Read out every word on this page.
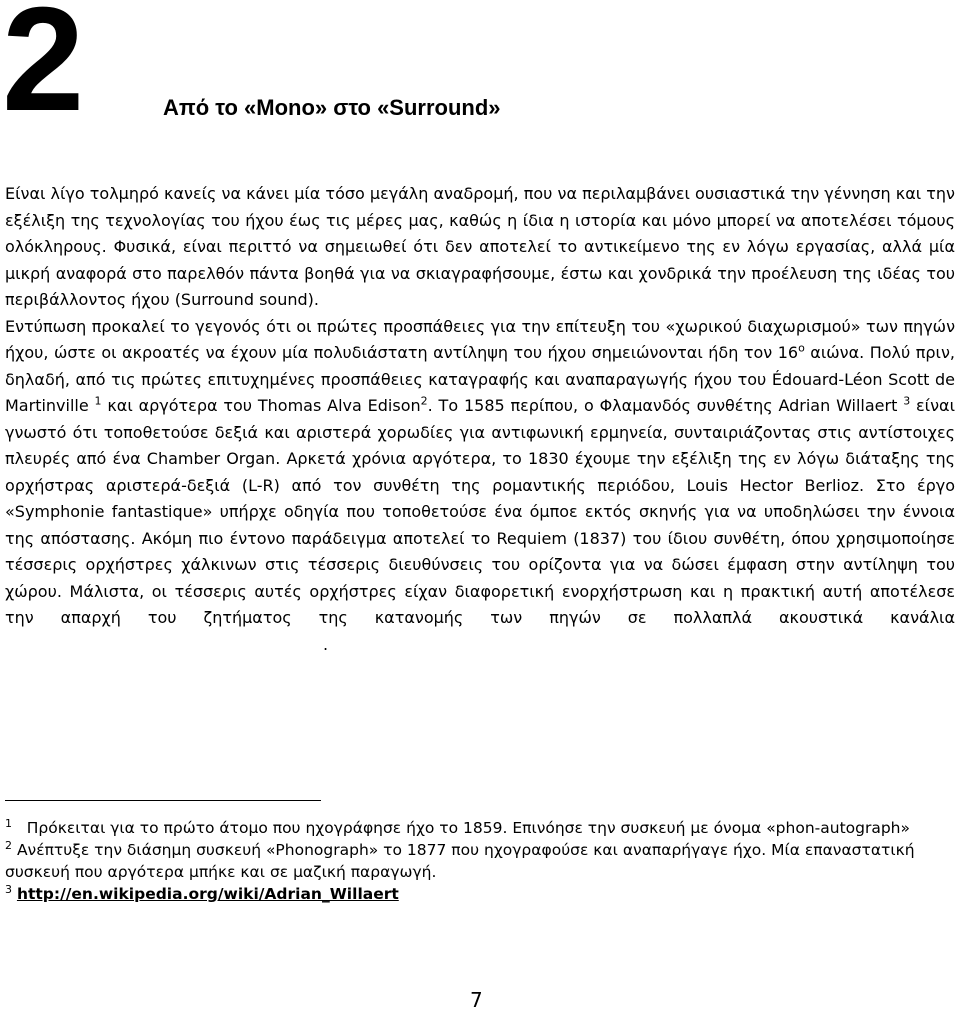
2	Από το «Mono» στο «Surround»

Είναι λίγο τολμηρό κανείς να κάνει μία τόσο μεγάλη αναδρομή, που να περιλαμβάνει ουσιαστικά την γέννηση και την εξέλιξη της τεχνολογίας του ήχου έως τις μέρες μας, καθώς η ίδια η ιστορία και μόνο μπορεί να αποτελέσει τόμους ολόκληρους. Φυσικά, είναι περιττό να σημειωθεί ότι δεν αποτελεί το αντικείμενο της εν λόγω εργασίας, αλλά μία μικρή αναφορά στο παρελθόν πάντα βοηθά για να σκιαγραφήσουμε, έστω και χονδρικά την προέλευση της ιδέας του περιβάλλοντος ήχου (Surround sound).

Εντύπωση προκαλεί το γεγονός ότι οι πρώτες προσπάθειες για την επίτευξη του «χωρικού διαχωρισμού» των πηγών ήχου, ώστε οι ακροατές να έχουν μία πολυδιάστατη αντίληψη του ήχου σημειώνονται ήδη τον $16^o$ αιώνα. Πολύ πριν, δηλαδή, από τις πρώτες επιτυχημένες προσπάθειες καταγραφής και αναπαραγωγής ήχου του Édouard-Léon Scott de Martinville $^1$ και αργότερα του Thomas Alva Edison$^2$. Το 1585 περίπου, ο Φλαμανδός συνθέτης Adrian Willaert $^3$ είναι γνωστό ότι τοποθετούσε δεξιά και αριστερά χορωδίες για αντιφωνική ερμηνεία, συνταιριάζοντας στις αντίστοιχες πλευρές από ένα Chamber Organ. Αρκετά χρόνια αργότερα, το 1830 έχουμε την εξέλιξη της εν λόγω διάταξης της ορχήστρας αριστερά-δεξιά (L-R) από τον συνθέτη της ρομαντικής περιόδου, Louis Hector Berlioz. Στο έργο «Symphonie fantastique» υπήρχε οδηγία που τοποθετούσε ένα όμποε εκτός σκηνής για να υποδηλώσει την έννοια της απόστασης. Ακόμη πιο έντονο παράδειγμα αποτελεί το Requiem (1837) του ίδιου συνθέτη, όπου χρησιμοποίησε τέσσερις ορχήστρες χάλκινων στις τέσσερις διευθύνσεις του ορίζοντα για να δώσει έμφαση στην αντίληψη του χώρου. Μάλιστα, οι τέσσερις αυτές ορχήστρες είχαν διαφορετική ενορχήστρωση και η πρακτική αυτή αποτέλεσε την απαρχή του ζητήματος της κατανομής των πηγών σε πολλαπλά ακουστικά κανάλια.

$^1$ Πρόκειται για το πρώτο άτομο που ηχογράφησε ήχο το 1859. Επινόησε την συσκευή με όνομα «phon-autograph»

$^2$ Ανέπτυξε την διάσημη συσκευή «Phonograph» το 1877 που ηχογραφούσε και αναπαρήγαγε ήχο. Μία επαναστατική συσκευή που αργότερα μπήκε και σε μαζική παραγωγή.

$^3$ http://en.wikipedia.org/wiki/Adrian_Willaert

7
